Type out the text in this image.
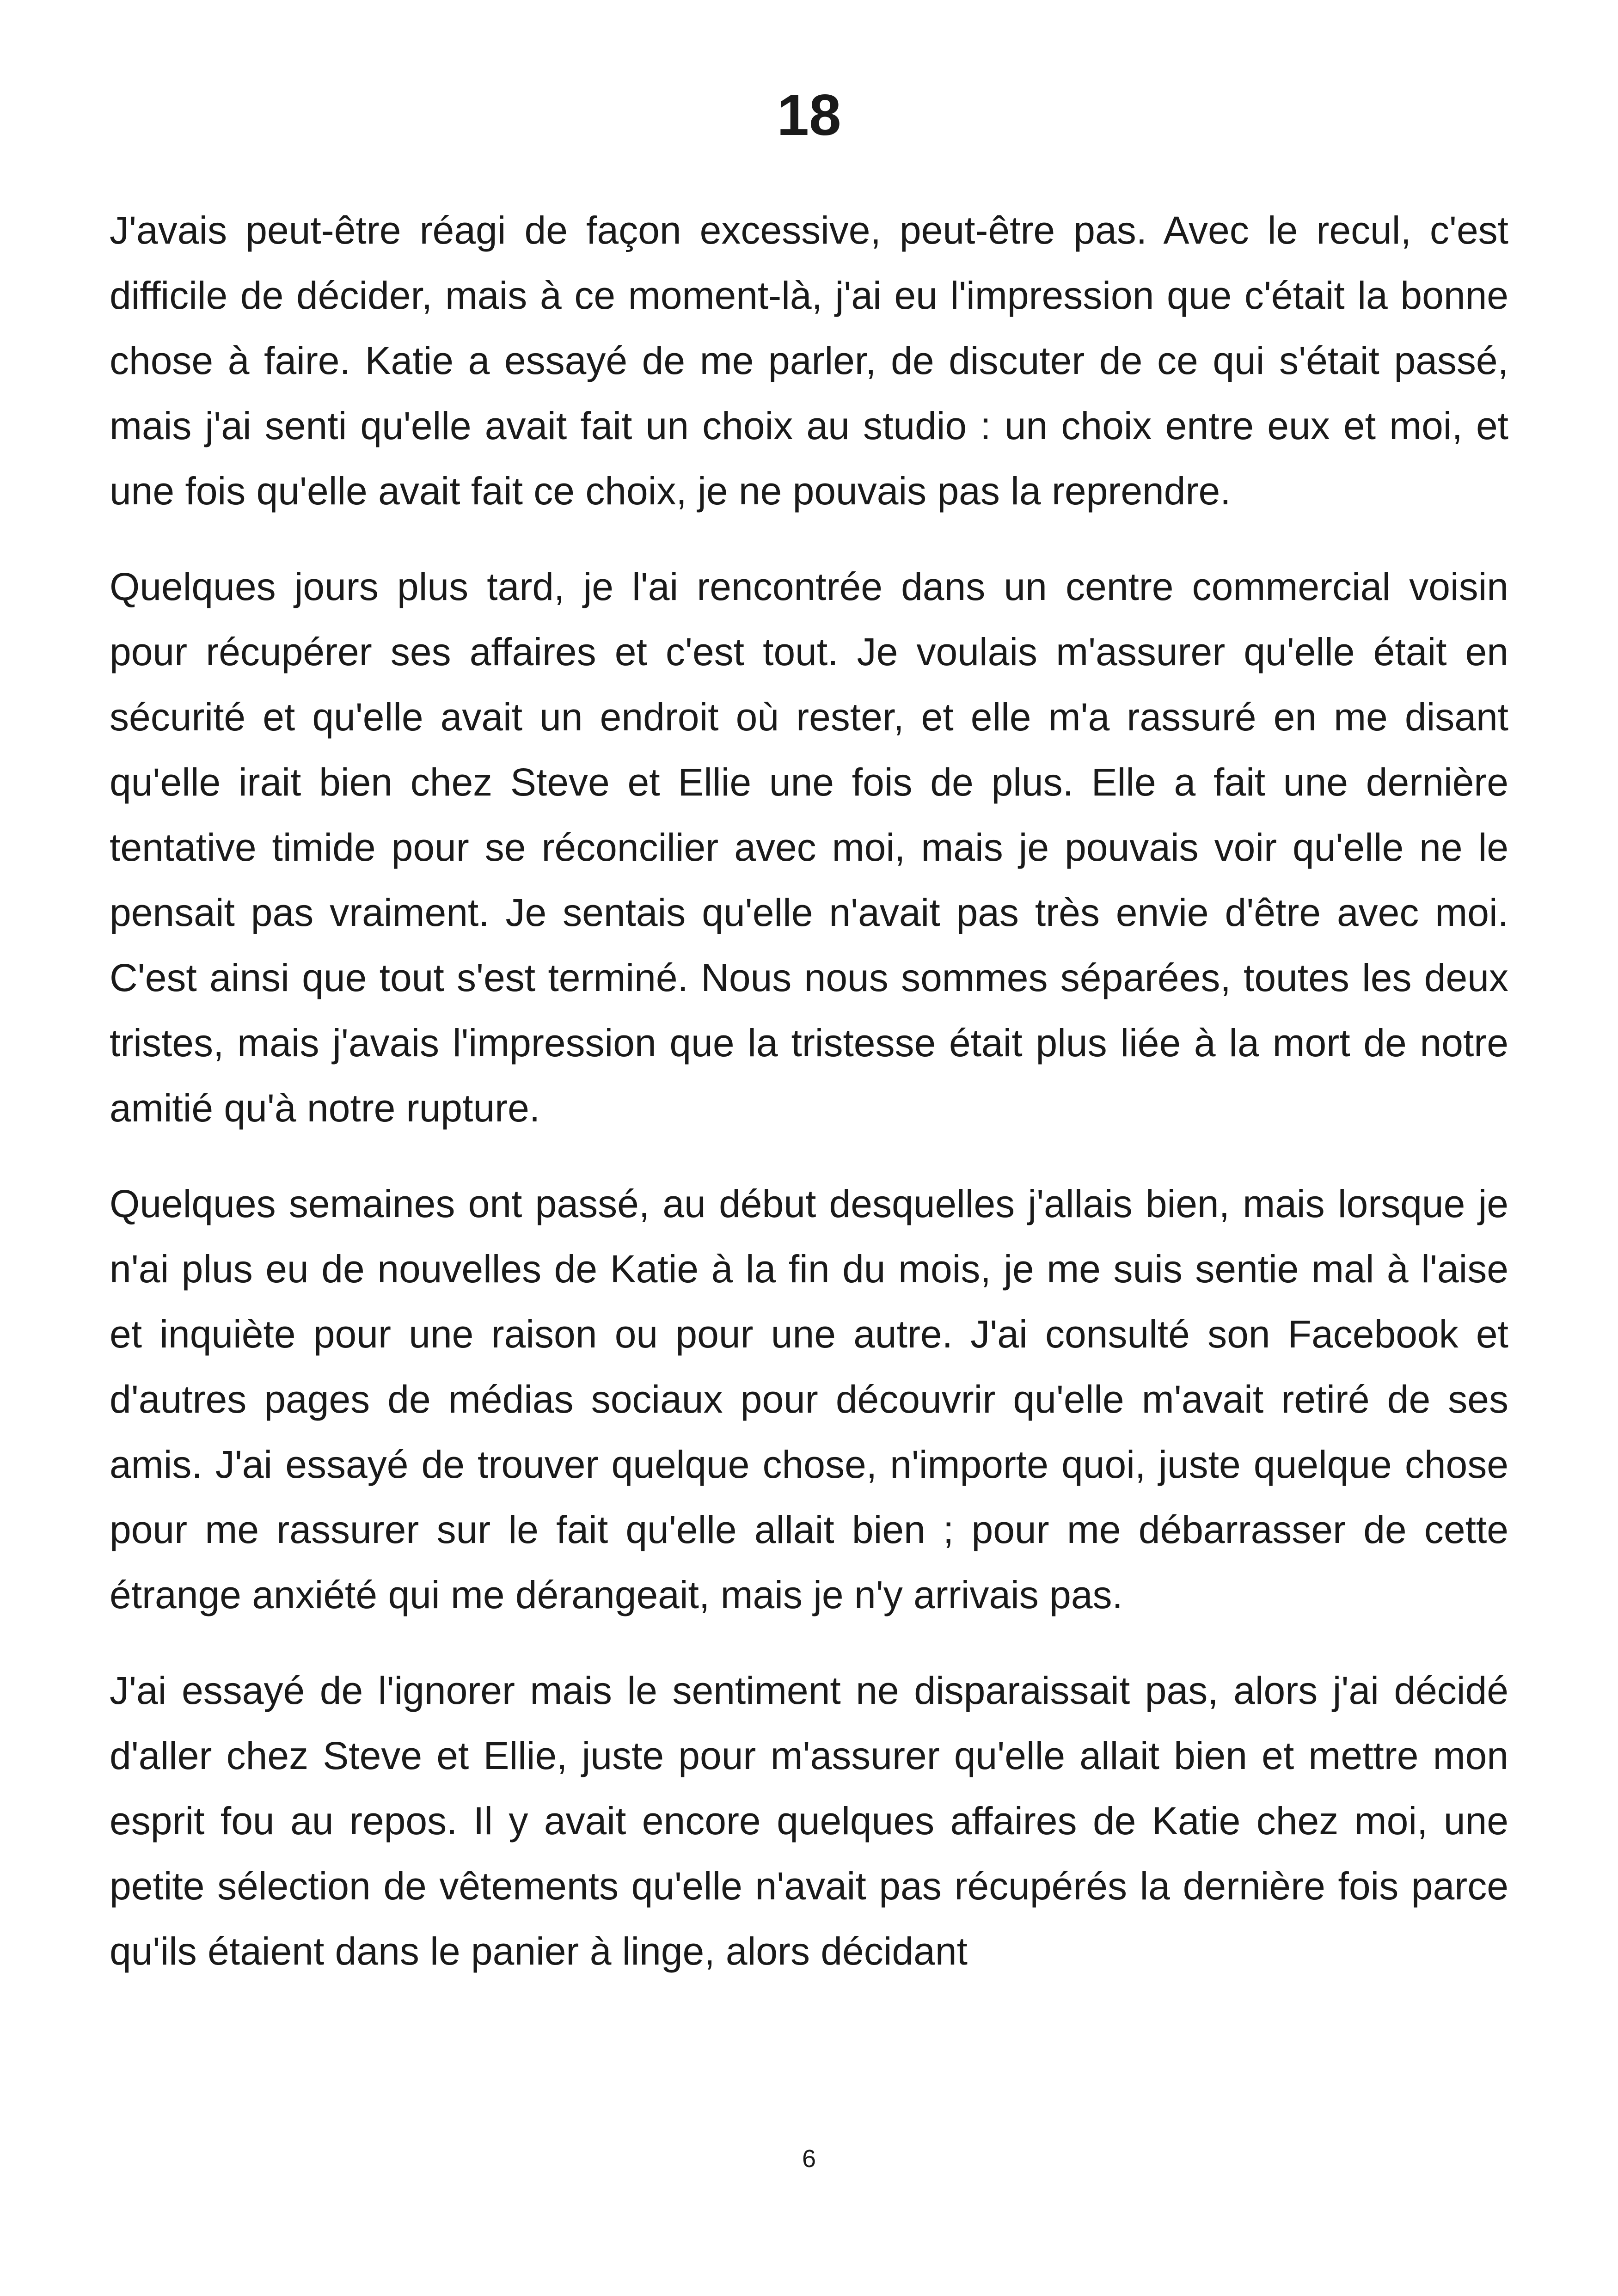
18

J'avais peut-être réagi de façon excessive, peut-être pas. Avec le recul, c'est difficile de décider, mais à ce moment-là, j'ai eu l'impression que c'était la bonne chose à faire. Katie a essayé de me parler, de discuter de ce qui s'était passé, mais j'ai senti qu'elle avait fait un choix au studio : un choix entre eux et moi, et une fois qu'elle avait fait ce choix, je ne pouvais pas la reprendre.

Quelques jours plus tard, je l'ai rencontrée dans un centre commercial voisin pour récupérer ses affaires et c'est tout. Je voulais m'assurer qu'elle était en sécurité et qu'elle avait un endroit où rester, et elle m'a rassuré en me disant qu'elle irait bien chez Steve et Ellie une fois de plus. Elle a fait une dernière tentative timide pour se réconcilier avec moi, mais je pouvais voir qu'elle ne le pensait pas vraiment. Je sentais qu'elle n'avait pas très envie d'être avec moi. C'est ainsi que tout s'est terminé. Nous nous sommes séparées, toutes les deux tristes, mais j'avais l'impression que la tristesse était plus liée à la mort de notre amitié qu'à notre rupture.

Quelques semaines ont passé, au début desquelles j'allais bien, mais lorsque je n'ai plus eu de nouvelles de Katie à la fin du mois, je me suis sentie mal à l'aise et inquiète pour une raison ou pour une autre. J'ai consulté son Facebook et d'autres pages de médias sociaux pour découvrir qu'elle m'avait retiré de ses amis. J'ai essayé de trouver quelque chose, n'importe quoi, juste quelque chose pour me rassurer sur le fait qu'elle allait bien ; pour me débarrasser de cette étrange anxiété qui me dérangeait, mais je n'y arrivais pas.

J'ai essayé de l'ignorer mais le sentiment ne disparaissait pas, alors j'ai décidé d'aller chez Steve et Ellie, juste pour m'assurer qu'elle allait bien et mettre mon esprit fou au repos. Il y avait encore quelques affaires de Katie chez moi, une petite sélection de vêtements qu'elle n'avait pas récupérés la dernière fois parce qu'ils étaient dans le panier à linge, alors décidant

6
